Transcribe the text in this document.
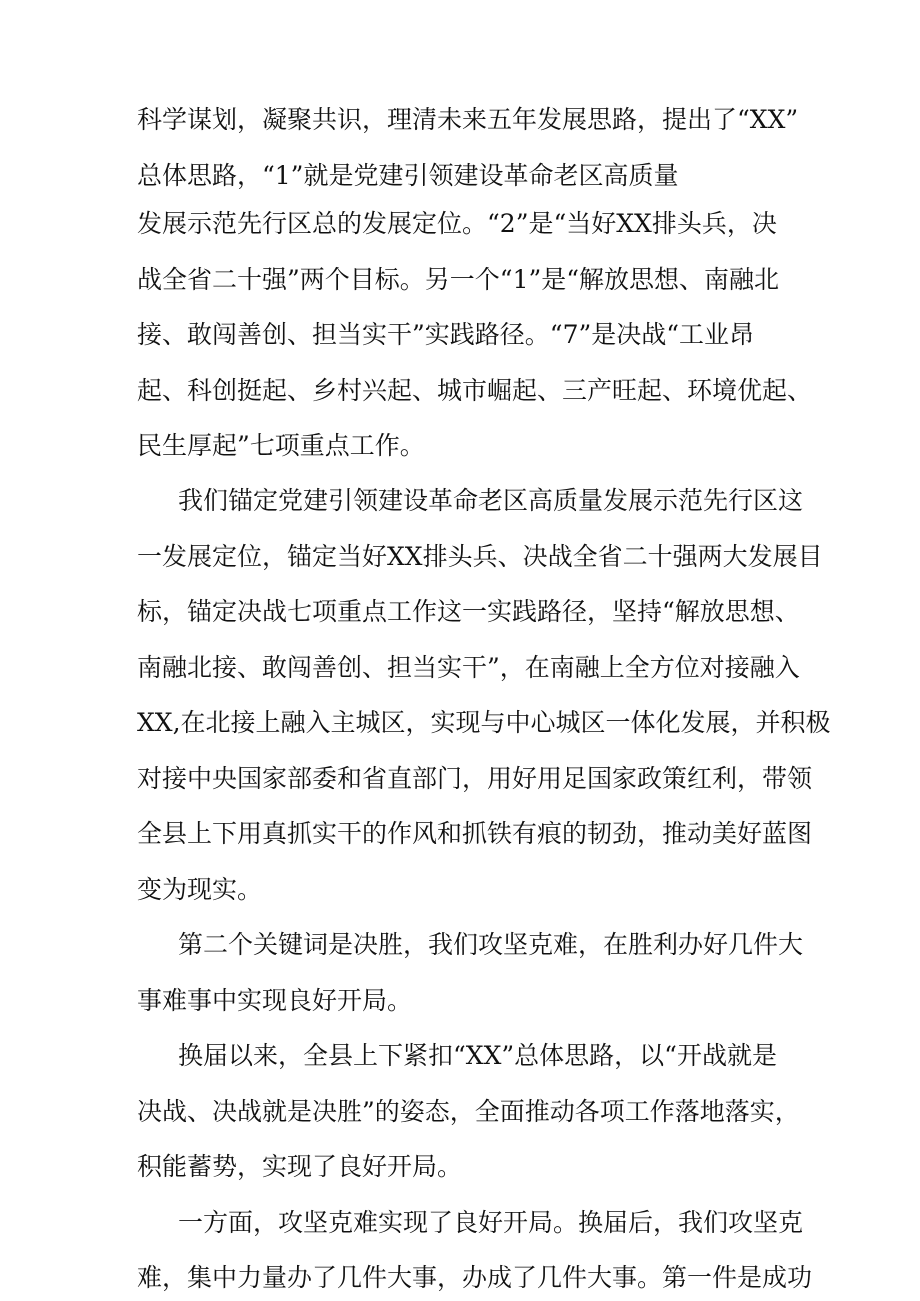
科学谋划，凝聚共识，理清未来五年发展思路，提出了“XX”

总体思路，“1”就是党建引领建设革命老区高质量

发展示范先行区总的发展定位。“2”是“当好XX排头兵，决

战全省二十强”两个目标。另一个“1”是“解放思想、南融北

接、敢闯善创、担当实干”实践路径。“7”是决战“工业昂

起、科创挺起、乡村兴起、城市崛起、三产旺起、环境优起、

民生厚起”七项重点工作。

我们锚定党建引领建设革命老区高质量发展示范先行区这

一发展定位，锚定当好XX排头兵、决战全省二十强两大发展目

标，锚定决战七项重点工作这一实践路径，坚持“解放思想、

南融北接、敢闯善创、担当实干”，在南融上全方位对接融入

XX,在北接上融入主城区，实现与中心城区一体化发展，并积极

对接中央国家部委和省直部门，用好用足国家政策红利，带领

全县上下用真抓实干的作风和抓铁有痕的韧劲，推动美好蓝图

变为现实。

第二个关键词是决胜，我们攻坚克难，在胜利办好几件大

事难事中实现良好开局。

换届以来，全县上下紧扣“XX”总体思路，以“开战就是

决战、决战就是决胜”的姿态，全面推动各项工作落地落实，

积能蓄势，实现了良好开局。

一方面，攻坚克难实现了良好开局。换届后，我们攻坚克

难，集中力量办了几件大事，办成了几件大事。第一件是成功
